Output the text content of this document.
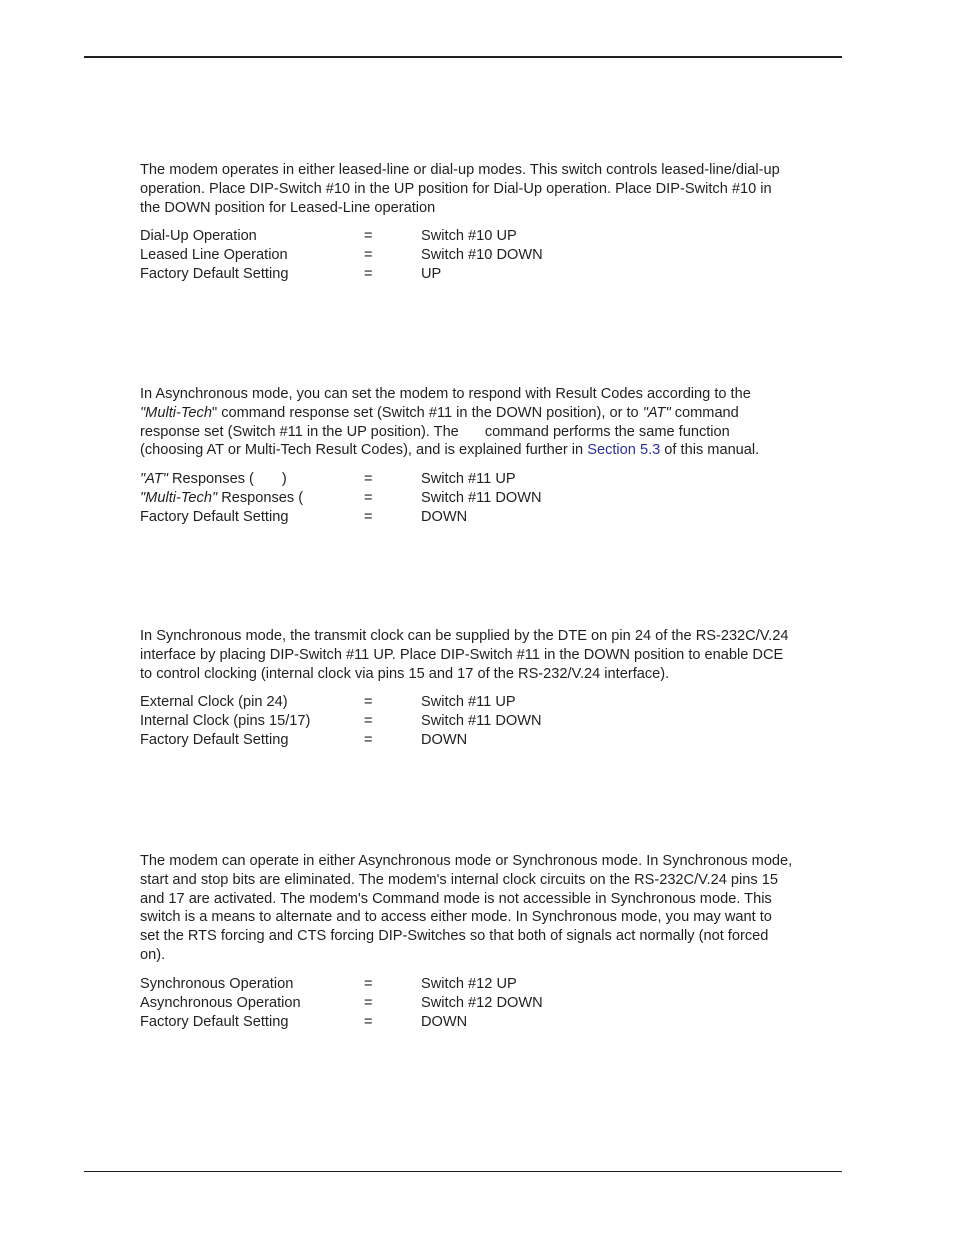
The modem operates in either leased-line or dial-up modes. This switch controls leased-line/dial-up
operation. Place DIP-Switch #10 in the UP position for Dial-Up operation. Place DIP-Switch #10 in
the DOWN position for Leased-Line operation

Dial-Up Operation	=	Switch #10 UP
Leased Line Operation	=	Switch #10 DOWN
Factory Default Setting	=	UP

In Asynchronous mode, you can set the modem to respond with Result Codes according to the
"Multi-Tech" command response set (Switch #11 in the DOWN position), or to "AT" command
response set (Switch #11 in the UP position). The command performs the same function
(choosing AT or Multi-Tech Result Codes), and is explained further in Section 5.3 of this manual.

"AT" Responses ( )	=	Switch #11 UP
"Multi-Tech" Responses (	=	Switch #11 DOWN
Factory Default Setting	=	DOWN

In Synchronous mode, the transmit clock can be supplied by the DTE on pin 24 of the RS-232C/V.24
interface by placing DIP-Switch #11 UP. Place DIP-Switch #11 in the DOWN position to enable DCE
to control clocking (internal clock via pins 15 and 17 of the RS-232/V.24 interface).

External Clock (pin 24)	=	Switch #11 UP
Internal Clock (pins 15/17)	=	Switch #11 DOWN
Factory Default Setting	=	DOWN

The modem can operate in either Asynchronous mode or Synchronous mode. In Synchronous mode,
start and stop bits are eliminated. The modem's internal clock circuits on the RS-232C/V.24 pins 15
and 17 are activated. The modem's Command mode is not accessible in Synchronous mode. This
switch is a means to alternate and to access either mode. In Synchronous mode, you may want to
set the RTS forcing and CTS forcing DIP-Switches so that both of signals act normally (not forced
on).

Synchronous Operation	=	Switch #12 UP
Asynchronous Operation	=	Switch #12 DOWN
Factory Default Setting	=	DOWN
